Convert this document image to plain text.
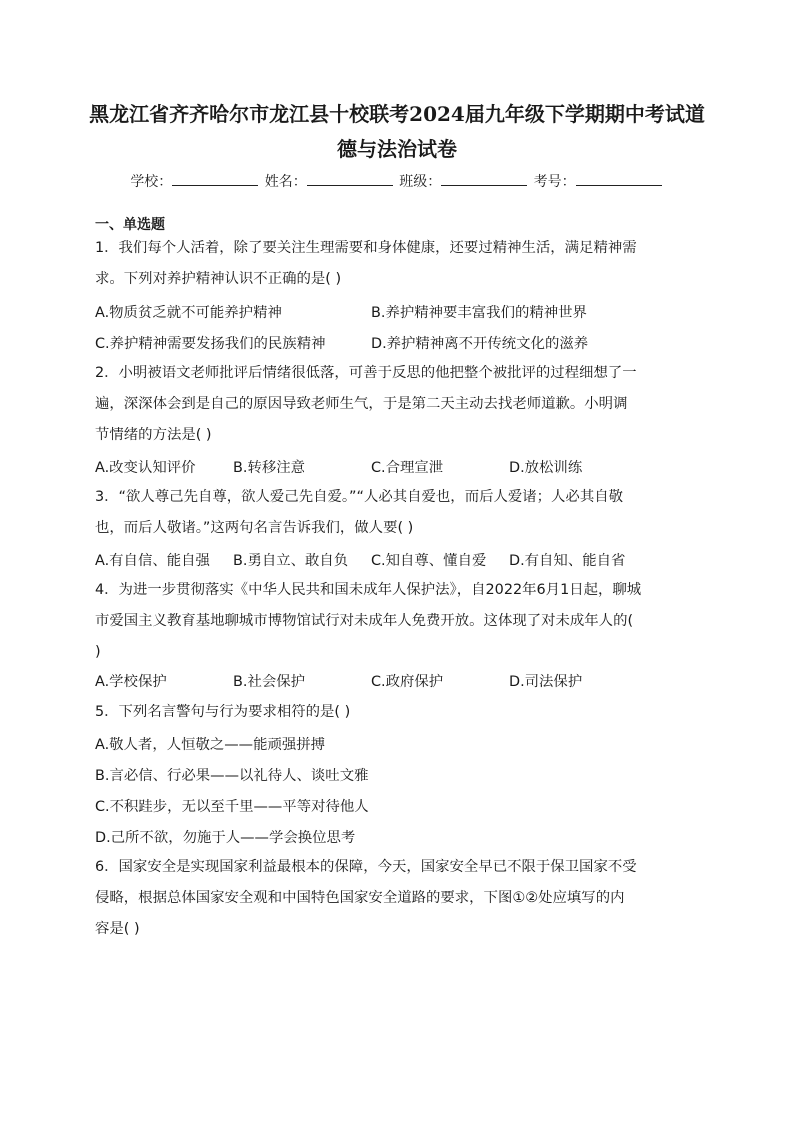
黑龙江省齐齐哈尔市龙江县十校联考2024届九年级下学期期中考试道
德与法治试卷
学校：	姓名：	班级：	考号：
一、单选题
1．我们每个人活着，除了要关注生理需要和身体健康，还要过精神生活，满足精神需
求。下列对养护精神认识不正确的是( )
A.物质贫乏就不可能养护精神	B.养护精神要丰富我们的精神世界
C.养护精神需要发扬我们的民族精神	D.养护精神离不开传统文化的滋养
2．小明被语文老师批评后情绪很低落，可善于反思的他把整个被批评的过程细想了一
遍，深深体会到是自己的原因导致老师生气，于是第二天主动去找老师道歉。小明调
节情绪的方法是( )
A.改变认知评价	B.转移注意	C.合理宣泄	D.放松训练
3．“欲人尊己先自尊，欲人爱己先自爱。”“人必其自爱也，而后人爱诸；人必其自敬
也，而后人敬诸。”这两句名言告诉我们，做人要( )
A.有自信、能自强 B.勇自立、敢自负 C.知自尊、懂自爱 D.有自知、能自省
4．为进一步贯彻落实《中华人民共和国未成年人保护法》，自2022年6月1日起，聊城
市爱国主义教育基地聊城市博物馆试行对未成年人免费开放。这体现了对未成年人的(
)
A.学校保护	B.社会保护	C.政府保护	D.司法保护
5．下列名言警句与行为要求相符的是( )
A.敬人者，人恒敬之——能顽强拼搏
B.言必信、行必果——以礼待人、谈吐文雅
C.不积跬步，无以至千里——平等对待他人
D.己所不欲，勿施于人——学会换位思考
6．国家安全是实现国家利益最根本的保障，今天，国家安全早已不限于保卫国家不受
侵略，根据总体国家安全观和中国特色国家安全道路的要求，下图①②处应填写的内
容是( )
